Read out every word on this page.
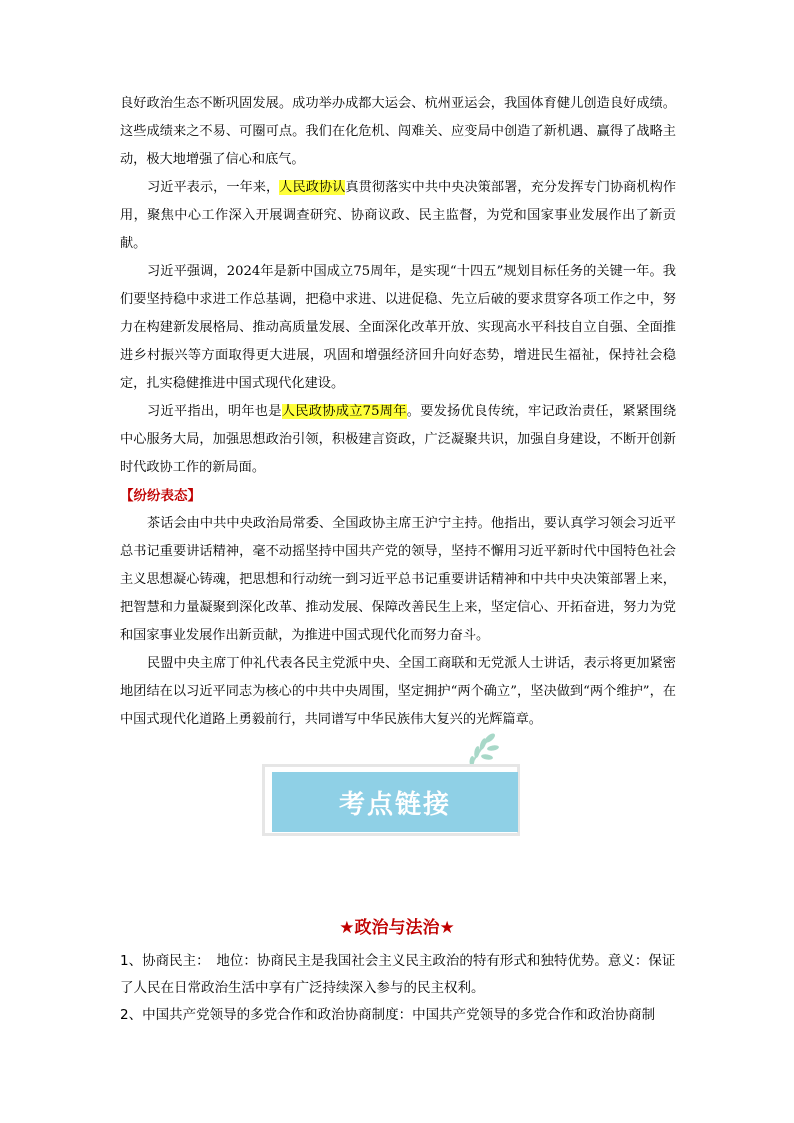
良好政治生态不断巩固发展。成功举办成都大运会、杭州亚运会，我国体育健儿创造良好成绩。这些成绩来之不易、可圈可点。我们在化危机、闯难关、应变局中创造了新机遇、赢得了战略主动，极大地增强了信心和底气。

习近平表示，一年来，人民政协认真贯彻落实中共中央决策部署，充分发挥专门协商机构作用，聚焦中心工作深入开展调查研究、协商议政、民主监督，为党和国家事业发展作出了新贡献。

习近平强调，2024年是新中国成立75周年，是实现“十四五”规划目标任务的关键一年。我们要坚持稳中求进工作总基调，把稳中求进、以进促稳、先立后破的要求贯穿各项工作之中，努力在构建新发展格局、推动高质量发展、全面深化改革开放、实现高水平科技自立自强、全面推进乡村振兴等方面取得更大进展，巩固和增强经济回升向好态势，增进民生福祉，保持社会稳定，扎实稳健推进中国式现代化建设。

习近平指出，明年也是人民政协成立75周年。要发扬优良传统，牢记政治责任，紧紧围绕中心服务大局，加强思想政治引领，积极建言资政，广泛凝聚共识，加强自身建设，不断开创新时代政协工作的新局面。

【纷纷表态】

茶话会由中共中央政治局常委、全国政协主席王沪宁主持。他指出，要认真学习领会习近平总书记重要讲话精神，毫不动摇坚持中国共产党的领导，坚持不懈用习近平新时代中国特色社会主义思想凝心铸魂，把思想和行动统一到习近平总书记重要讲话精神和中共中央决策部署上来，把智慧和力量凝聚到深化改革、推动发展、保障改善民生上来，坚定信心、开拓奋进，努力为党和国家事业发展作出新贡献，为推进中国式现代化而努力奋斗。

民盟中央主席丁仲礼代表各民主党派中央、全国工商联和无党派人士讲话，表示将更加紧密地团结在以习近平同志为核心的中共中央周围，坚定拥护“两个确立”，坚决做到“两个维护”，在中国式现代化道路上勇毅前行，共同谱写中华民族伟大复兴的光辉篇章。

考点链接
★政治与法治★

1、协商民主：　地位：协商民主是我国社会主义民主政治的特有形式和独特优势。意义：保证了人民在日常政治生活中享有广泛持续深入参与的民主权利。

2、中国共产党领导的多党合作和政治协商制度：中国共产党领导的多党合作和政治协商制
